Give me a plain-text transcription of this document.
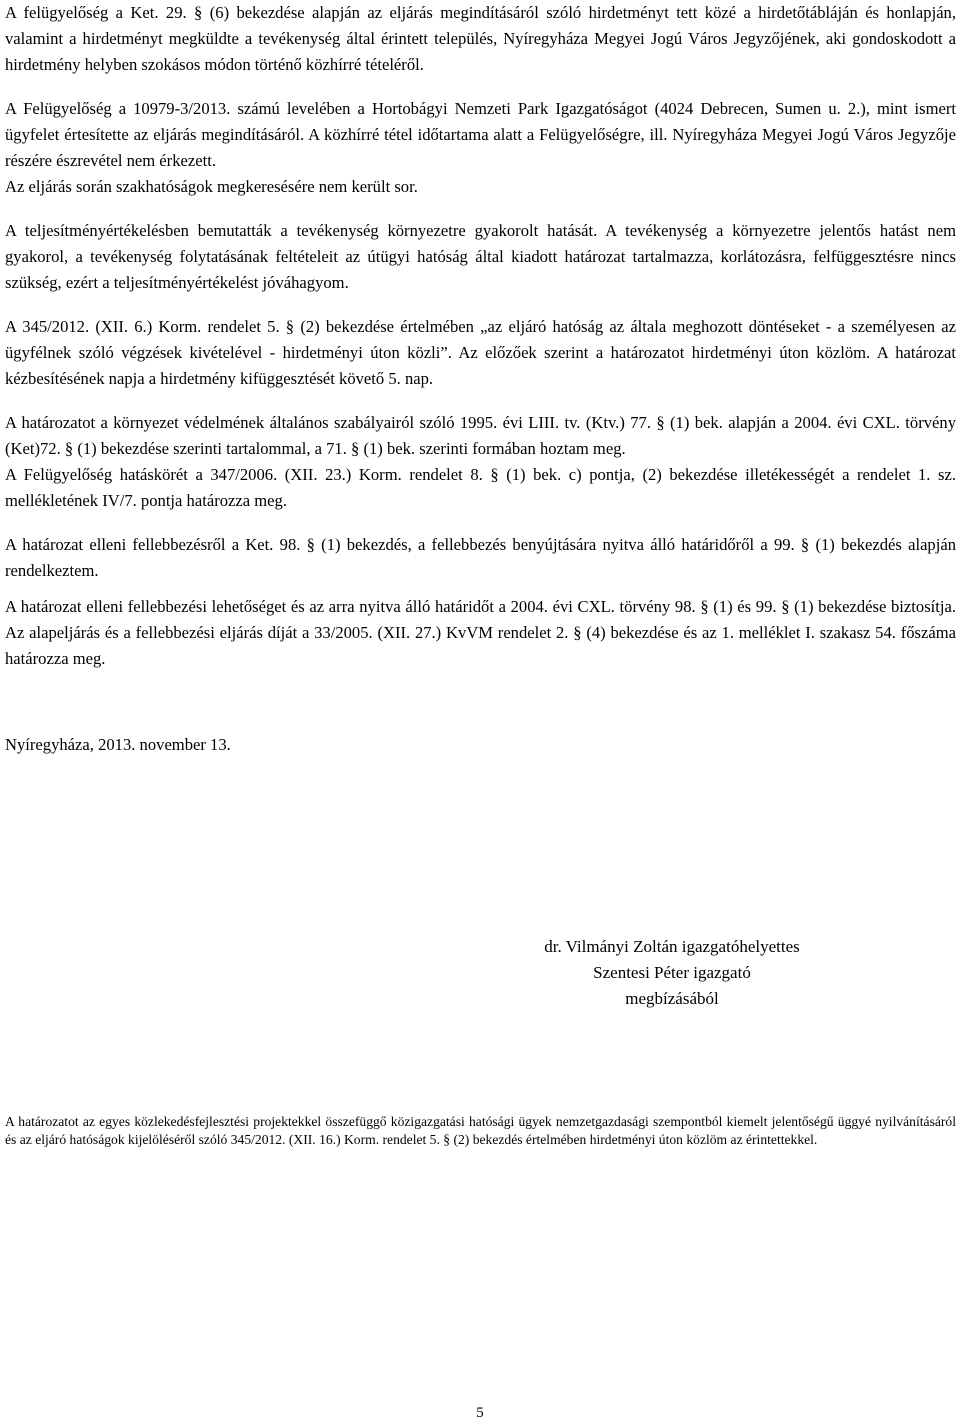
A felügyelőség a Ket. 29. § (6) bekezdése alapján az eljárás megindításáról szóló hirdetményt tett közé a hirdetőtábláján és honlapján, valamint a hirdetményt megküldte a tevékenység által érintett település, Nyíregyháza Megyei Jogú Város Jegyzőjének, aki gondoskodott a hirdetmény helyben szokásos módon történő közhírré tételéről.

A Felügyelőség a 10979-3/2013. számú levelében a Hortobágyi Nemzeti Park Igazgatóságot (4024 Debrecen, Sumen u. 2.), mint ismert ügyfelet értesítette az eljárás megindításáról. A közhírré tétel időtartama alatt a Felügyelőségre, ill. Nyíregyháza Megyei Jogú Város Jegyzője részére észrevétel nem érkezett.

Az eljárás során szakhatóságok megkeresésére nem került sor.

A teljesítményértékelésben bemutatták a tevékenység környezetre gyakorolt hatását. A tevékenység a környezetre jelentős hatást nem gyakorol, a tevékenység folytatásának feltételeit az útügyi hatóság által kiadott határozat tartalmazza, korlátozásra, felfüggesztésre nincs szükség, ezért a teljesítményértékelést jóváhagyom.

A 345/2012. (XII. 6.) Korm. rendelet 5. § (2) bekezdése értelmében „az eljáró hatóság az általa meghozott döntéseket - a személyesen az ügyfélnek szóló végzések kivételével - hirdetményi úton közli”. Az előzőek szerint a határozatot hirdetményi úton közlöm. A határozat kézbesítésének napja a hirdetmény kifüggesztését követő 5. nap.

A határozatot a környezet védelmének általános szabályairól szóló 1995. évi LIII. tv. (Ktv.) 77. § (1) bek. alapján a 2004. évi CXL. törvény (Ket)72. § (1) bekezdése szerinti tartalommal, a 71. § (1) bek. szerinti formában hoztam meg.

A Felügyelőség hatáskörét a 347/2006. (XII. 23.) Korm. rendelet 8. § (1) bek. c) pontja, (2) bekezdése illetékességét a rendelet 1. sz. mellékletének IV/7. pontja határozza meg.

A határozat elleni fellebbezésről a Ket. 98. § (1) bekezdés, a fellebbezés benyújtására nyitva álló határidőről a 99. § (1) bekezdés alapján rendelkeztem.

A határozat elleni fellebbezési lehetőséget és az arra nyitva álló határidőt a 2004. évi CXL. törvény 98. § (1) és 99. § (1) bekezdése biztosítja. Az alapeljárás és a fellebbezési eljárás díját a 33/2005. (XII. 27.) KvVM rendelet 2. § (4) bekezdése és az 1. melléklet I. szakasz 54. főszáma határozza meg.

Nyíregyháza, 2013. november 13.

dr. Vilmányi Zoltán igazgatóhelyettes
Szentesi Péter igazgató
megbízásából

A határozatot az egyes közlekedésfejlesztési projektekkel összefüggő közigazgatási hatósági ügyek nemzetgazdasági szempontból kiemelt jelentőségű üggyé nyilvánításáról és az eljáró hatóságok kijelöléséről szóló 345/2012. (XII. 16.) Korm. rendelet 5. § (2) bekezdés értelmében hirdetményi úton közlöm az érintettekkel.

5
